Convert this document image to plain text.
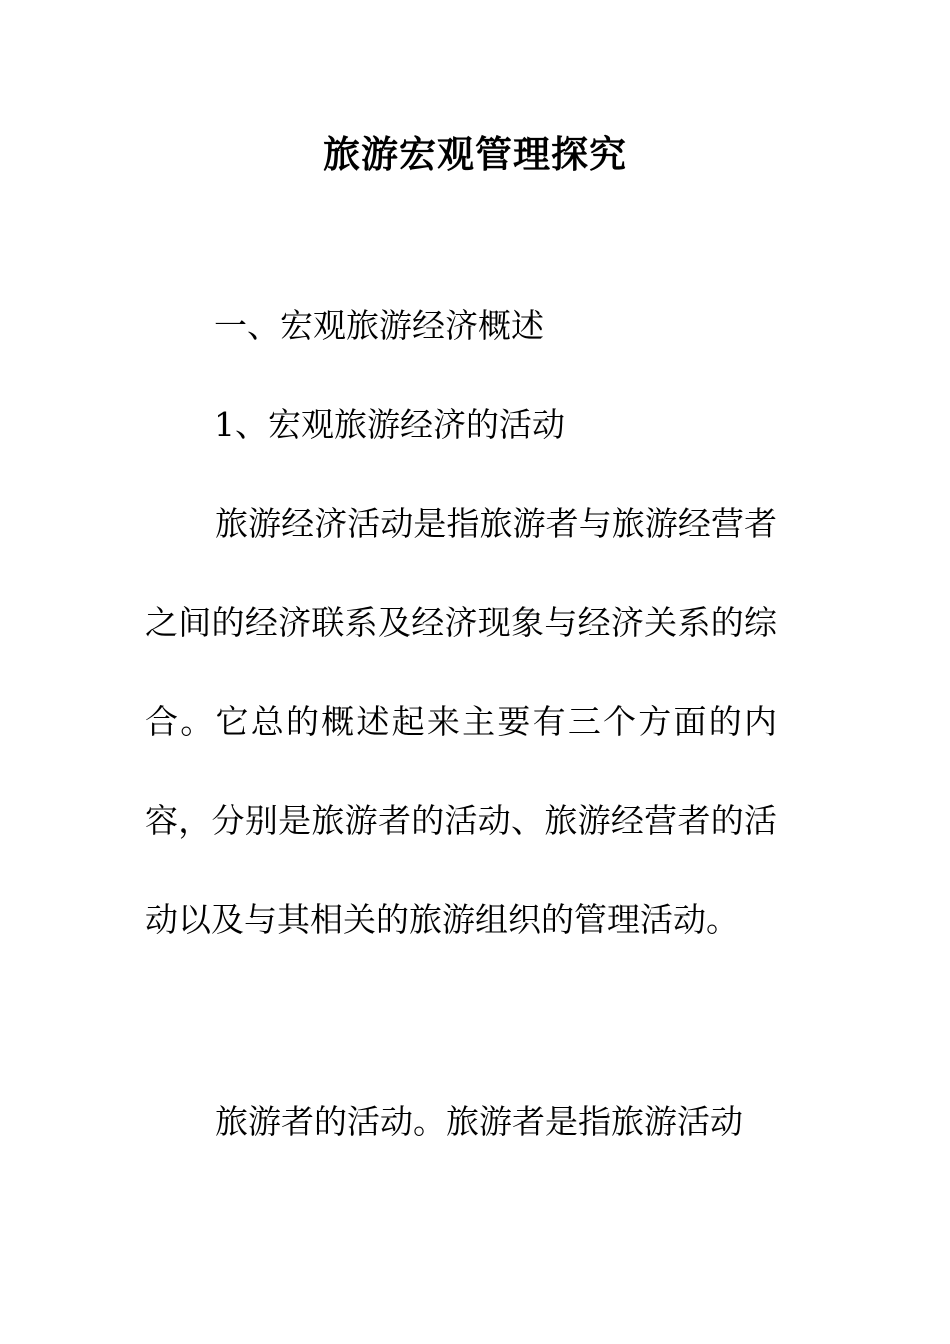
旅游宏观管理探究
一、宏观旅游经济概述
1、宏观旅游经济的活动

旅游经济活动是指旅游者与旅游经营者之间的经济联系及经济现象与经济关系的综合。它总的概述起来主要有三个方面的内容，分别是旅游者的活动、旅游经营者的活动以及与其相关的旅游组织的管理活动。

旅游者的活动。旅游者是指旅游活动
